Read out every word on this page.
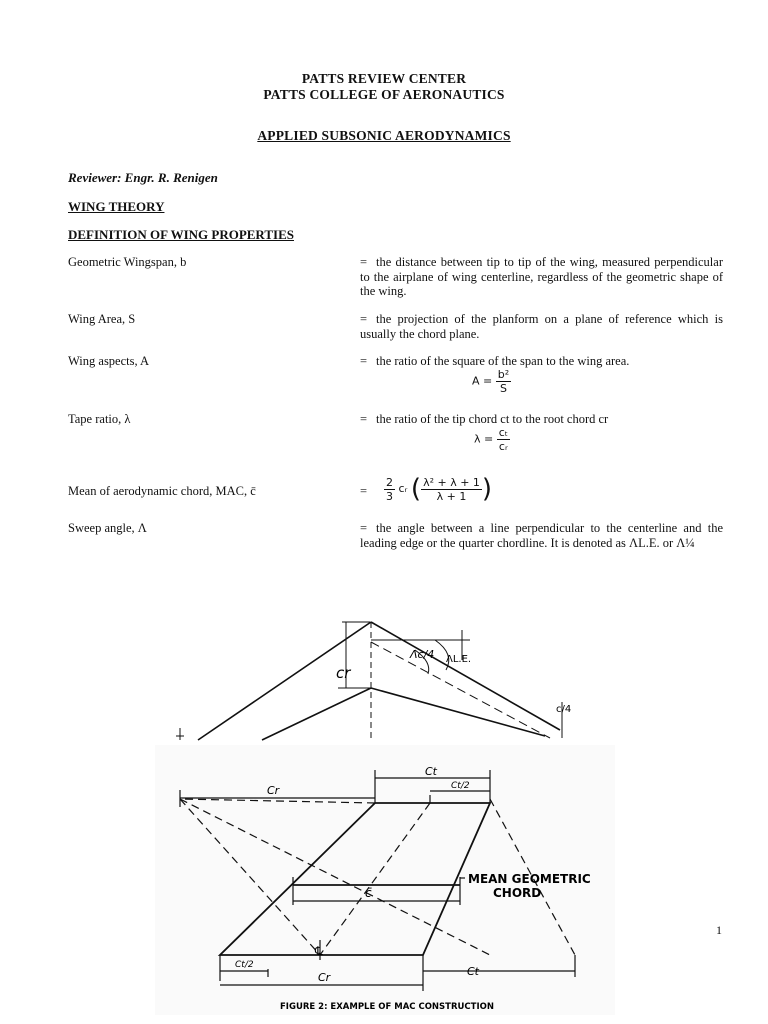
PATTS REVIEW CENTER
PATTS COLLEGE OF AERONAUTICS
APPLIED SUBSONIC AERODYNAMICS
Reviewer: Engr. R. Renigen
WING THEORY
DEFINITION OF WING PROPERTIES
Geometric Wingspan, b	= the distance between tip to tip of the wing, measured perpendicular to the airplane of wing centerline, regardless of the geometric shape of the wing.
Wing Area, S	= the projection of the planform on a plane of reference which is usually the chord plane.
Wing aspects, A	= the ratio of the square of the span to the wing area.
$A = \frac{\text{b²}}{S}$
Tape ratio, λ	= the ratio of the tip chord ct to the root chord cr
$\lambda = \frac{\text{cₜ}}{\text{cᵣ}}$
Mean of aerodynamic chord, MAC, c̄	= $\frac{2}{3}$ cᵣ ( $\frac{\text{λ² + λ + 1}}{\lambda + 1}$ )
Sweep angle, Λ	= the angle between a line perpendicular to the centerline and the leading edge or the quarter chordline. It is denoted as ΛL.E. or Λ¼
cr
Λc/4 ΛL.E.
c/4
Ct
Cr	Ct/2
MEAN GEOMETRIC
CHORD
c̄
℄
Ct/2
Cr	Ct
FIGURE 2: EXAMPLE OF MAC CONSTRUCTION
1
